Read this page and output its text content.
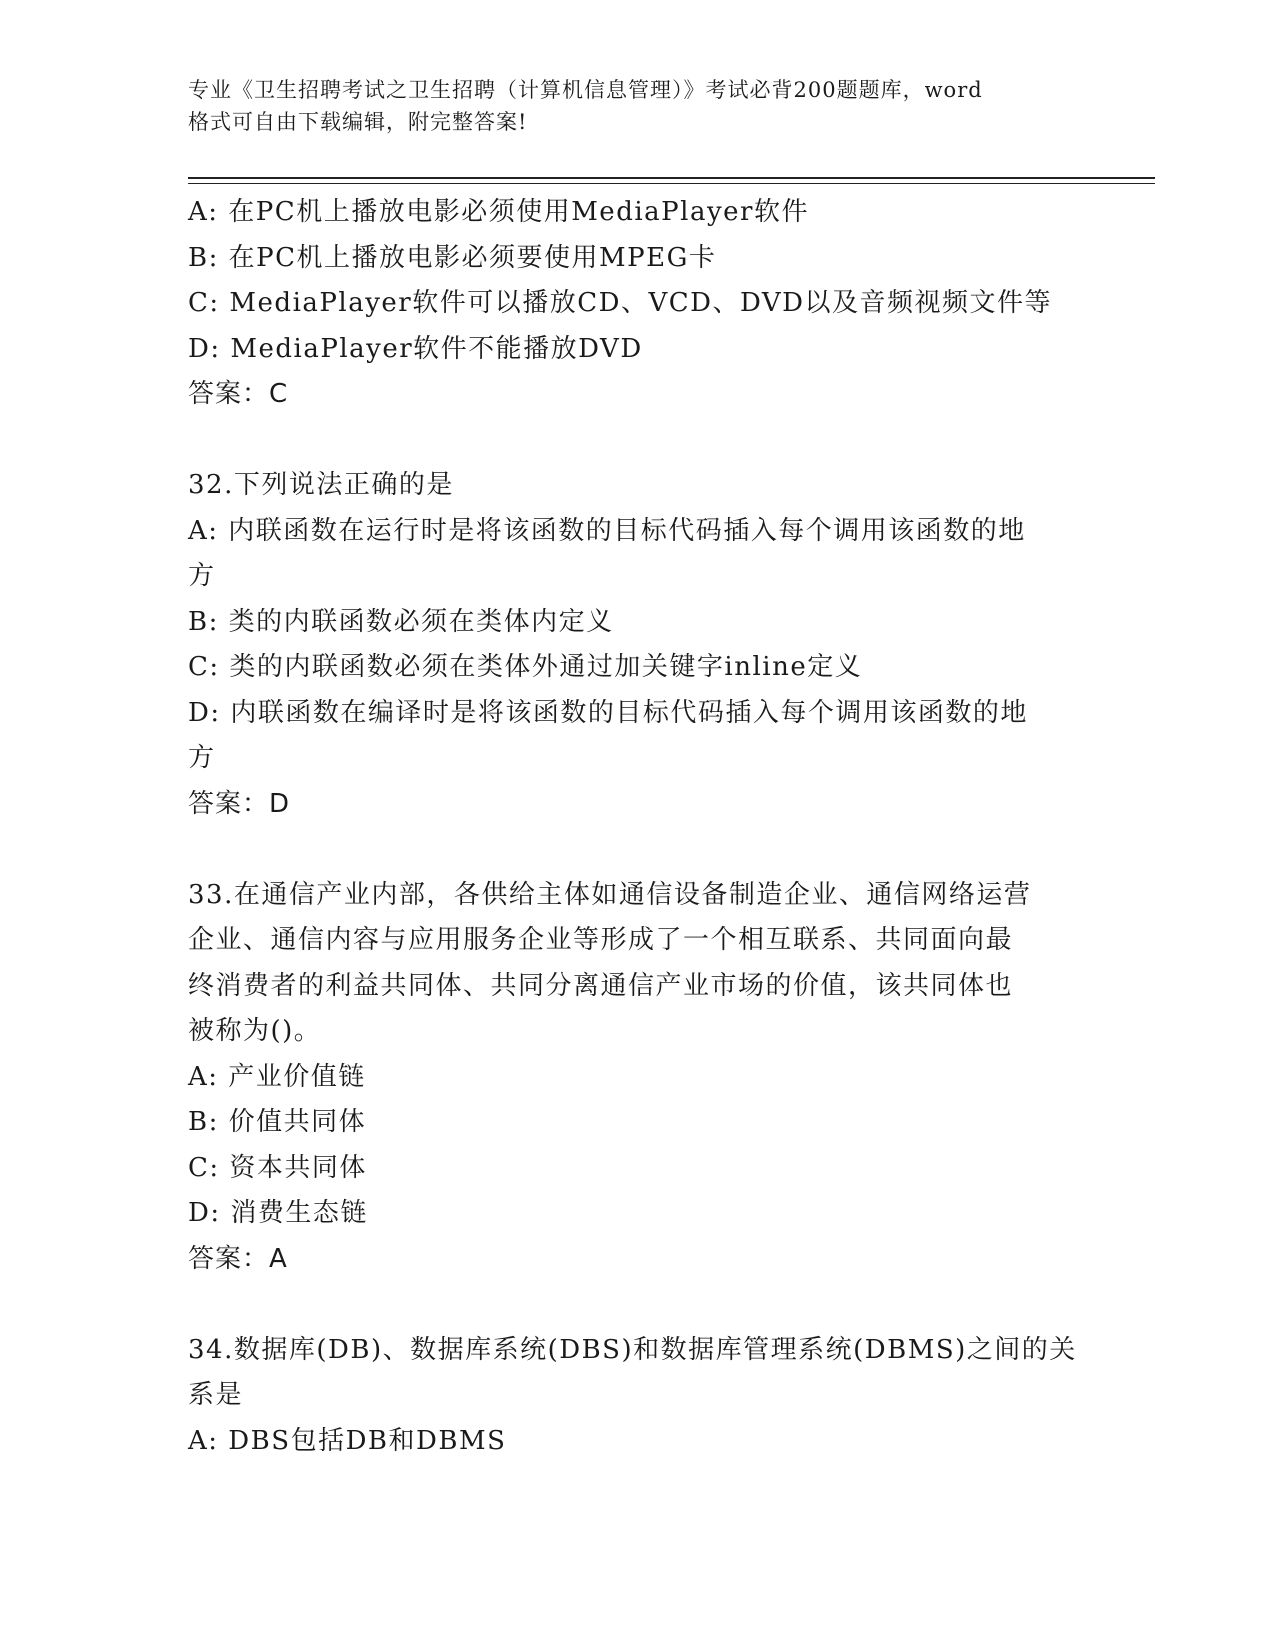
专业《卫生招聘考试之卫生招聘（计算机信息管理）》考试必背200题题库，word

格式可自由下载编辑，附完整答案!

A: 在PC机上播放电影必须使用MediaPlayer软件

B: 在PC机上播放电影必须要使用MPEG卡

C: MediaPlayer软件可以播放CD、VCD、DVD以及音频视频文件等

D: MediaPlayer软件不能播放DVD

答案：C

32.下列说法正确的是

A: 内联函数在运行时是将该函数的目标代码插入每个调用该函数的地

方

B: 类的内联函数必须在类体内定义

C: 类的内联函数必须在类体外通过加关键字inline定义

D: 内联函数在编译时是将该函数的目标代码插入每个调用该函数的地

方

答案：D

33.在通信产业内部，各供给主体如通信设备制造企业、通信网络运营

企业、通信内容与应用服务企业等形成了一个相互联系、共同面向最

终消费者的利益共同体、共同分离通信产业市场的价值，该共同体也

被称为()。

A: 产业价值链

B: 价值共同体

C: 资本共同体

D: 消费生态链

答案：A

34.数据库(DB)、数据库系统(DBS)和数据库管理系统(DBMS)之间的关

系是

A: DBS包括DB和DBMS
